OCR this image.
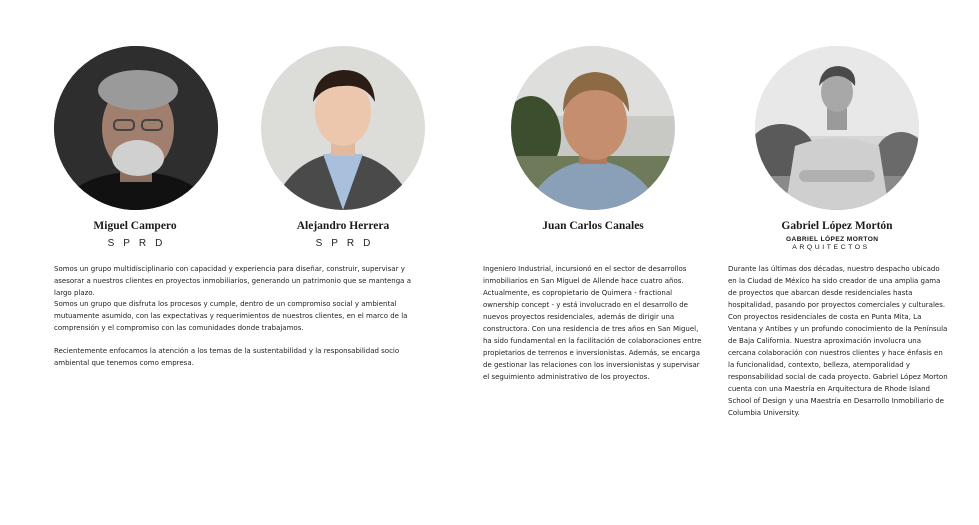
Miguel Campero
SPRD
Alejandro Herrera
SPRD
Juan Carlos Canales	Gabriel López Mortón
GABRIEL LÓPEZ MORTON
ARQUITECTOS

Somos un grupo multidisciplinario con capacidad y experiencia para diseñar, construir, supervisar y asesorar a nuestros clientes en proyectos inmobiliarios, generando un patrimonio que se mantenga a largo plazo.

Somos un grupo que disfruta los procesos y cumple, dentro de un compromiso social y ambiental mutuamente asumido, con las expectativas y requerimientos de nuestros clientes, en el marco de la comprensión y el compromiso con las comunidades donde trabajamos.

Recientemente enfocamos la atención a los temas de la sustentabilidad y la responsabilidad socio ambiental que tenemos como empresa.

Ingeniero Industrial, incursionó en el sector de desarrollos inmobiliarios en San Miguel de Allende hace cuatro años. Actualmente, es copropietario de Quimera - fractional ownership concept - y está involucrado en el desarrollo de nuevos proyectos residenciales, además de dirigir una constructora. Con una residencia de tres años en San Miguel, ha sido fundamental en la facilitación de colaboraciones entre propietarios de terrenos e inversionistas. Además, se encarga de gestionar las relaciones con los inversionistas y supervisar el seguimiento administrativo de los proyectos.

Durante las últimas dos décadas, nuestro despacho ubicado en la Ciudad de México ha sido creador de una amplia gama de proyectos que abarcan desde residenciales hasta hospitalidad, pasando por proyectos comerciales y culturales. Con proyectos residenciales de costa en Punta Mita, La Ventana y Antibes y un profundo conocimiento de la Península de Baja California. Nuestra aproximación involucra una cercana colaboración con nuestros clientes y hace énfasis en la funcionalidad, contexto, belleza, atemporalidad y responsabilidad social de cada proyecto. Gabriel López Morton cuenta con una Maestría en Arquitectura de Rhode Island School of Design y una Maestría en Desarrollo Inmobiliario de Columbia University.
